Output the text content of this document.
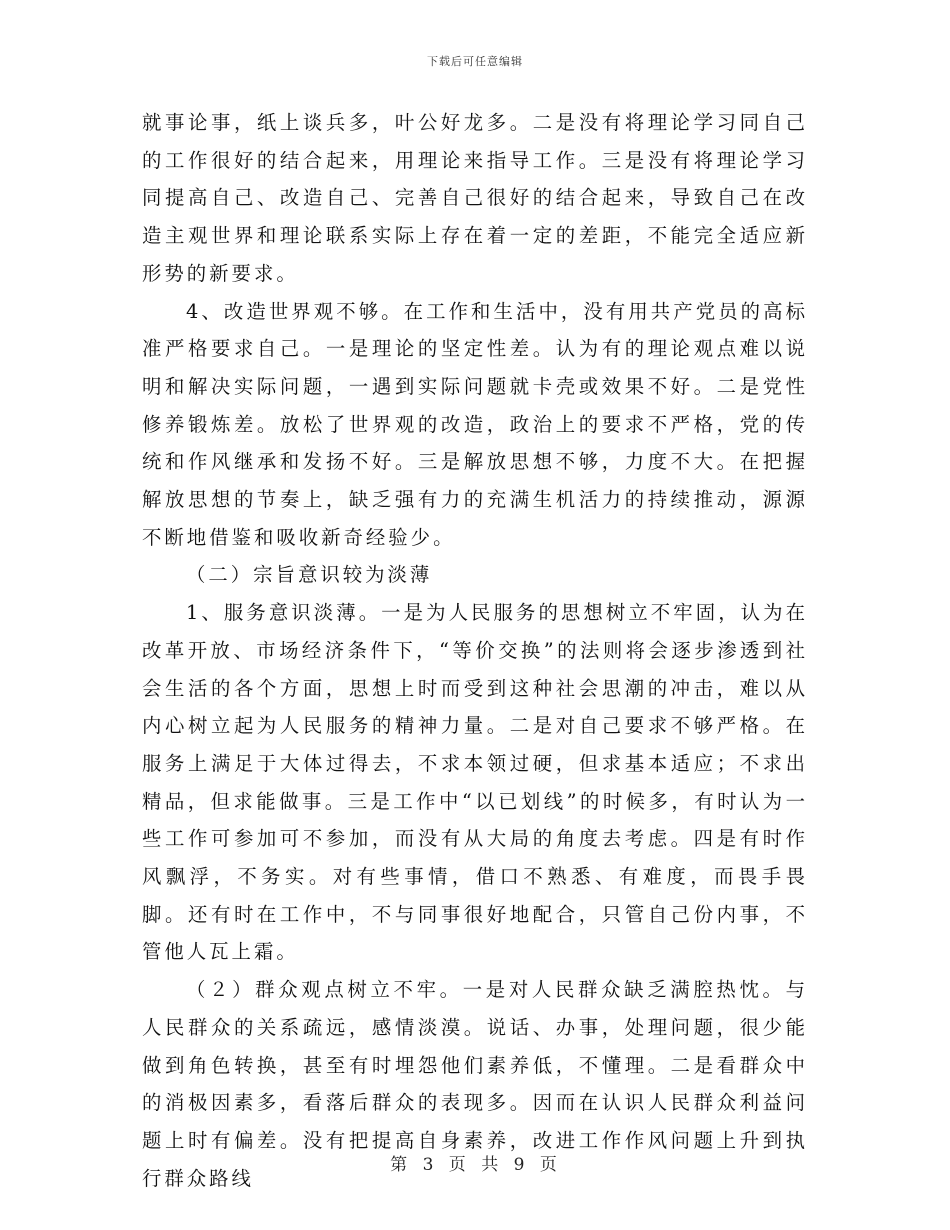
下载后可任意编辑

就事论事，纸上谈兵多，叶公好龙多。二是没有将理论学习同自己的工作很好的结合起来，用理论来指导工作。三是没有将理论学习同提高自己、改造自己、完善自己很好的结合起来，导致自己在改造主观世界和理论联系实际上存在着一定的差距，不能完全适应新形势的新要求。

4、改造世界观不够。在工作和生活中，没有用共产党员的高标准严格要求自己。一是理论的坚定性差。认为有的理论观点难以说明和解决实际问题，一遇到实际问题就卡壳或效果不好。二是党性修养锻炼差。放松了世界观的改造，政治上的要求不严格，党的传统和作风继承和发扬不好。三是解放思想不够，力度不大。在把握解放思想的节奏上，缺乏强有力的充满生机活力的持续推动，源源不断地借鉴和吸收新奇经验少。

（二）宗旨意识较为淡薄

1、服务意识淡薄。一是为人民服务的思想树立不牢固，认为在改革开放、市场经济条件下，“等价交换”的法则将会逐步渗透到社会生活的各个方面，思想上时而受到这种社会思潮的冲击，难以从内心树立起为人民服务的精神力量。二是对自己要求不够严格。在服务上满足于大体过得去，不求本领过硬，但求基本适应；不求出精品，但求能做事。三是工作中“以已划线”的时候多，有时认为一些工作可参加可不参加，而没有从大局的角度去考虑。四是有时作风飘浮，不务实。对有些事情，借口不熟悉、有难度，而畏手畏脚。还有时在工作中，不与同事很好地配合，只管自己份内事，不管他人瓦上霜。

（２）群众观点树立不牢。一是对人民群众缺乏满腔热忱。与人民群众的关系疏远，感情淡漠。说话、办事，处理问题，很少能做到角色转换，甚至有时埋怨他们素养低，不懂理。二是看群众中的消极因素多，看落后群众的表现多。因而在认识人民群众利益问题上时有偏差。没有把提高自身素养，改进工作作风问题上升到执行群众路线

第 3 页 共 9 页
